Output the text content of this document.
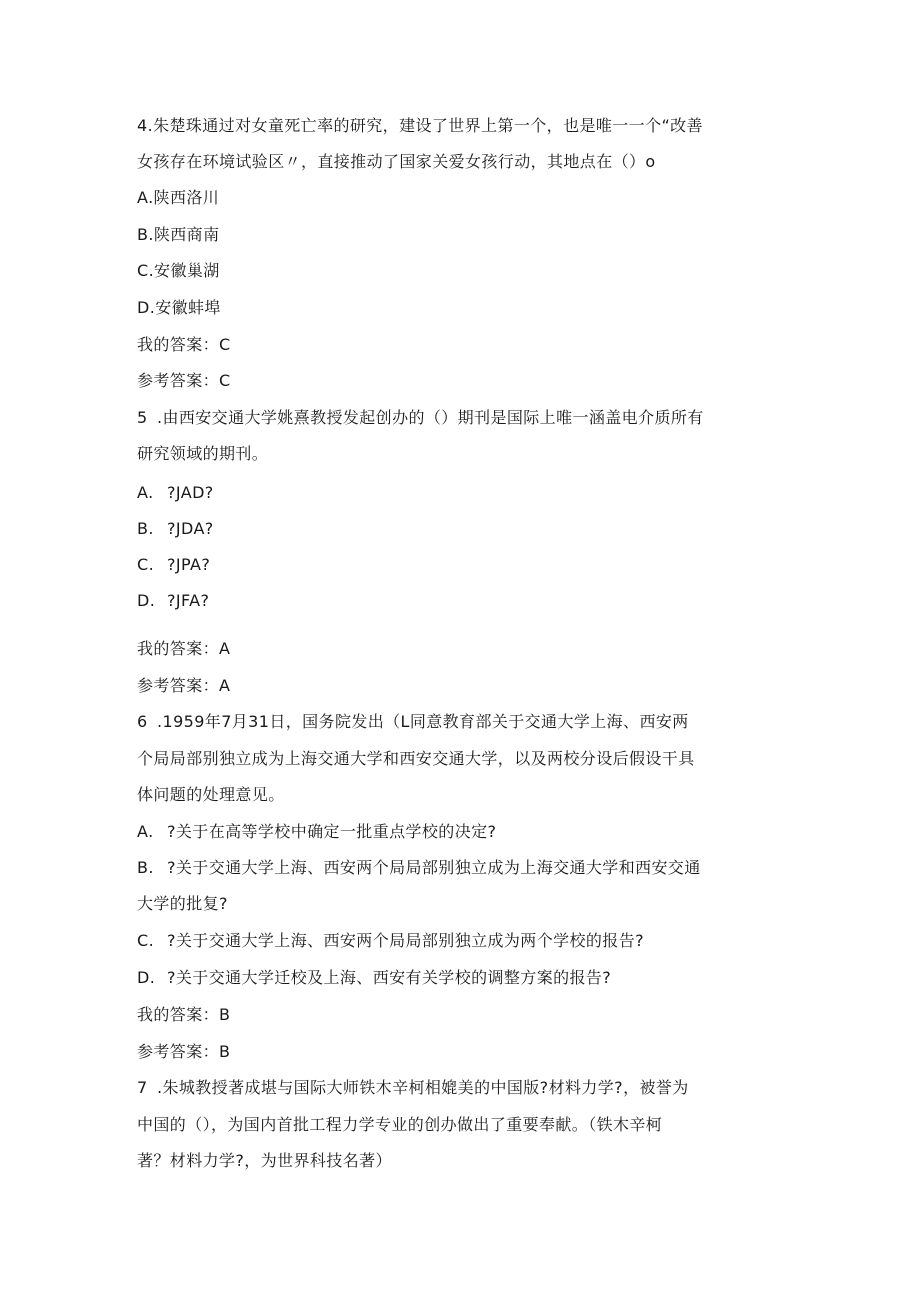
4.朱楚珠通过对女童死亡率的研究，建设了世界上第一个，也是唯一一个“改善
女孩存在环境试验区〃，直接推动了国家关爱女孩行动，其地点在（）o
A.陕西洛川
B.陕西商南
C.安徽巢湖
D.安徽蚌埠
我的答案：C
参考答案：C
5 .由西安交通大学姚熹教授发起创办的（）期刊是国际上唯一涵盖电介质所有
研究领域的期刊。
A. ?JAD?
B. ?JDA?
C. ?JPA?
D. ?JFA?
我的答案：A
参考答案：A
6 .1959年7月31日，国务院发出（L同意教育部关于交通大学上海、西安两
个局局部别独立成为上海交通大学和西安交通大学，以及两校分设后假设干具
体问题的处理意见。
A. ?关于在高等学校中确定一批重点学校的决定?
B. ?关于交通大学上海、西安两个局局部别独立成为上海交通大学和西安交通
大学的批复?
C. ?关于交通大学上海、西安两个局局部别独立成为两个学校的报告?
D. ?关于交通大学迁校及上海、西安有关学校的调整方案的报告?
我的答案：B
参考答案：B
7 .朱城教授著成堪与国际大师铁木辛柯相媲美的中国版?材料力学?，被誉为
中国的（），为国内首批工程力学专业的创办做出了重要奉献。（铁木辛柯
著？材料力学?，为世界科技名著）
